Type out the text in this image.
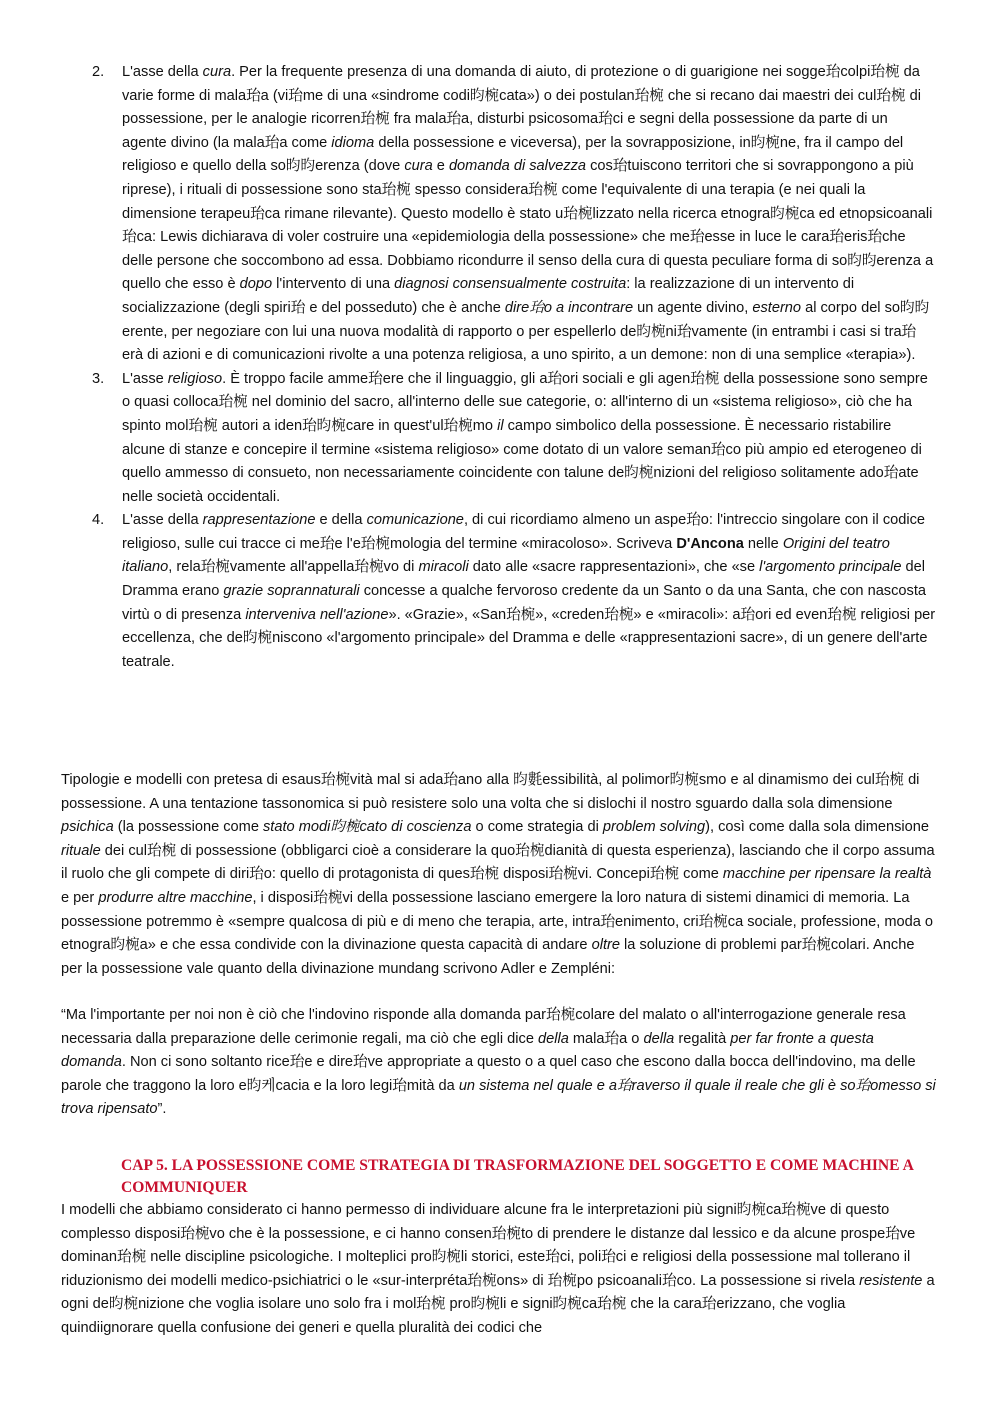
2. L'asse della cura. Per la frequente presenza di una domanda di aiuto, di protezione o di guarigione nei sogge珆colpi珆椀 da varie forme di mala珆a (vi珆me di una «sindrome codi昀椀cata») o dei postulan珆椀 che si recano dai maestri dei cul珆椀 di possessione, per le analogie ricorren珆椀 fra mala珆a, disturbi psicosoma珆ci e segni della possessione da parte di un agente divino (la mala珆a come idioma della possessione e viceversa), per la sovrapposizione, in昀椀ne, fra il campo del religioso e quello della so昀昀erenza (dove cura e domanda di salvezza cos珆tuiscono territori che si sovrappongono a più riprese), i rituali di possessione sono sta珆椀 spesso considera珆椀 come l'equivalente di una terapia (e nei quali la dimensione terapeu珆ca rimane rilevante). Questo modello è stato u珆椀lizzato nella ricerca etnogra昀椀ca ed etnopsicoanali珆ca: Lewis dichiarava di voler costruire una «epidemiologia della possessione» che me珆esse in luce le cara珆eris珆che delle persone che soccombono ad essa. Dobbiamo ricondurre il senso della cura di questa peculiare forma di so昀昀erenza a quello che esso è dopo l'intervento di una diagnosi consensualmente costruita: la realizzazione di un intervento di socializzazione (degli spiri珆 e del posseduto) che è anche dire珆o a incontrare un agente divino, esterno al corpo del so昀昀erente, per negoziare con lui una nuova modalità di rapporto o per espellerlo de昀椀ni珆vamente (in entrambi i casi si tra珆erà di azioni e di comunicazioni rivolte a una potenza religiosa, a uno spirito, a un demone: non di una semplice «terapia»).
3. L'asse religioso. È troppo facile amme珆ere che il linguaggio, gli a珆ori sociali e gli agen珆椀 della possessione sono sempre o quasi colloca珆椀 nel dominio del sacro, all'interno delle sue categorie, o: all'interno di un «sistema religioso», ciò che ha spinto mol珆椀 autori a iden珆昀椀care in quest'ul珆椀mo il campo simbolico della possessione. È necessario ristabilire alcune di stanze e concepire il termine «sistema religioso» come dotato di un valore seman珆co più ampio ed eterogeneo di quello ammesso di consueto, non necessariamente coincidente con talune de昀椀nizioni del religioso solitamente ado珆ate nelle società occidentali.
4. L'asse della rappresentazione e della comunicazione, di cui ricordiamo almeno un aspe珆o: l'intreccio singolare con il codice religioso, sulle cui tracce ci me珆e l'e珆椀mologia del termine «miracoloso». Scriveva D'Ancona nelle Origini del teatro italiano, rela珆椀vamente all'appella珆椀vo di miracoli dato alle «sacre rappresentazioni», che «se l'argomento principale del Dramma erano grazie soprannaturali concesse a qualche fervoroso credente da un Santo o da una Santa, che con nascosta virtù o di presenza interveniva nell'azione». «Grazie», «San珆椀», «creden珆椀» e «miracoli»: a珆ori ed even珆椀 religiosi per eccellenza, che de昀椀niscono «l'argomento principale» del Dramma e delle «rappresentazioni sacre», di un genere dell'arte teatrale.

Tipologie e modelli con pretesa di esaus珆椀vità mal si ada珆ano alla 昀氀essibilità, al polimor昀椀smo e al dinamismo dei cul珆椀 di possessione. A una tentazione tassonomica si può resistere solo una volta che si dislochi il nostro sguardo dalla sola dimensione psichica (la possessione come stato modi昀椀cato di coscienza o come strategia di problem solving), così come dalla sola dimensione rituale dei cul珆椀 di possessione (obbligarci cioè a considerare la quo珆椀dianità di questa esperienza), lasciando che il corpo assuma il ruolo che gli compete di diri珆o: quello di protagonista di ques珆椀 disposi珆椀vi. Concepi珆椀 come macchine per ripensare la realtà e per produrre altre macchine, i disposi珆椀vi della possessione lasciano emergere la loro natura di sistemi dinamici di memoria. La possessione potremmo è «sempre qualcosa di più e di meno che terapia, arte, intra珆enimento, cri珆椀ca sociale, professione, moda o etnogra昀椀a» e che essa condivide con la divinazione questa capacità di andare oltre la soluzione di problemi par珆椀colari. Anche per la possessione vale quanto della divinazione mundang scrivono Adler e Zempléni:

“Ma l'importante per noi non è ciò che l'indovino risponde alla domanda par珆椀colare del malato o all'interrogazione generale resa necessaria dalla preparazione delle cerimonie regali, ma ciò che egli dice della mala珆a o della regalità per far fronte a questa domanda. Non ci sono soltanto rice珆e e dire珆ve appropriate a questo o a quel caso che escono dalla bocca dell'indovino, ma delle parole che traggono la loro e昀케cacia e la loro legi珆mità da un sistema nel quale e a珆raverso il quale il reale che gli è so珆omesso si trova ripensato”.

CAP 5. LA POSSESSIONE COME STRATEGIA DI TRASFORMAZIONE DEL SOGGETTO E COME MACHINE A COMMUNIQUER

I modelli che abbiamo considerato ci hanno permesso di individuare alcune fra le interpretazioni più signi昀椀ca珆椀ve di questo complesso disposi珆椀vo che è la possessione, e ci hanno consen珆椀to di prendere le distanze dal lessico e da alcune prospe珆ve dominan珆椀 nelle discipline psicologiche. I molteplici pro昀椀li storici, este珆ci, poli珆ci e religiosi della possessione mal tollerano il riduzionismo dei modelli medico-psichiatrici o le «sur-interpréta珆椀ons» di 珆椀po psicoanali珆co. La possessione si rivela resistente a ogni de昀椀nizione che voglia isolare uno solo fra i mol珆椀 pro昀椀li e signi昀椀ca珆椀 che la cara珆erizzano, che voglia quindiignorare quella confusione dei generi e quella pluralità dei codici che
